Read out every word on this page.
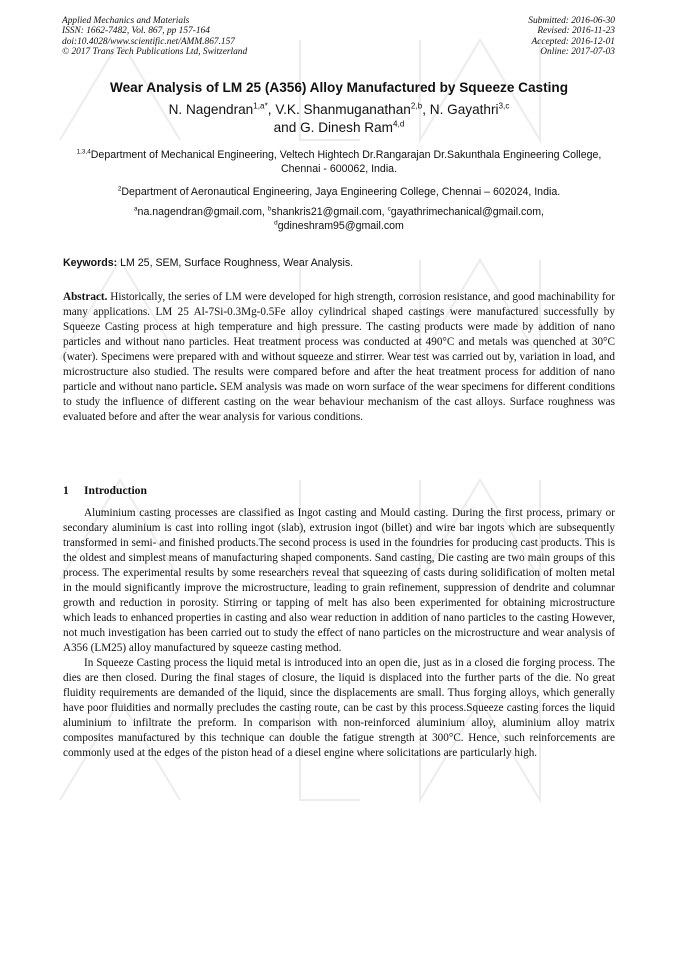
Applied Mechanics and Materials
ISSN: 1662-7482, Vol. 867, pp 157-164
doi:10.4028/www.scientific.net/AMM.867.157
© 2017 Trans Tech Publications Ltd, Switzerland
Submitted: 2016-06-30
Revised: 2016-11-23
Accepted: 2016-12-01
Online: 2017-07-03
Wear Analysis of LM 25 (A356) Alloy Manufactured by Squeeze Casting
N. Nagendran$^{1,a*}$, V.K. Shanmuganathan$^{2,b}$, N. Gayathri$^{3,c}$
and G. Dinesh Ram$^{4,d}$
$^{1,3,4}$Department of Mechanical Engineering, Veltech Hightech Dr.Rangarajan Dr.Sakunthala Engineering College, Chennai - 600062, India.
$^2$Department of Aeronautical Engineering, Jaya Engineering College, Chennai – 602024, India.
$^a$na.nagendran@gmail.com, $^b$shankris21@gmail.com, $^c$gayathrimechanical@gmail.com,
$^d$gdineshram95@gmail.com
Keywords: LM 25, SEM, Surface Roughness, Wear Analysis.
Abstract. Historically, the series of LM were developed for high strength, corrosion resistance, and good machinability for many applications. LM 25 Al-7Si-0.3Mg-0.5Fe alloy cylindrical shaped castings were manufactured successfully by Squeeze Casting process at high temperature and high pressure. The casting products were made by addition of nano particles and without nano particles. Heat treatment process was conducted at 490°C and metals was quenched at 30°C (water). Specimens were prepared with and without squeeze and stirrer. Wear test was carried out by, variation in load, and microstructure also studied. The results were compared before and after the heat treatment process for addition of nano particle and without nano particle. SEM analysis was made on worn surface of the wear specimens for different conditions to study the influence of different casting on the wear behaviour mechanism of the cast alloys. Surface roughness was evaluated before and after the wear analysis for various conditions.
1 Introduction

Aluminium casting processes are classified as Ingot casting and Mould casting. During the first process, primary or secondary aluminium is cast into rolling ingot (slab), extrusion ingot (billet) and wire bar ingots which are subsequently transformed in semi- and finished products.The second process is used in the foundries for producing cast products. This is the oldest and simplest means of manufacturing shaped components. Sand casting, Die casting are two main groups of this process. The experimental results by some researchers reveal that squeezing of casts during solidification of molten metal in the mould significantly improve the microstructure, leading to grain refinement, suppression of dendrite and columnar growth and reduction in porosity. Stirring or tapping of melt has also been experimented for obtaining microstructure which leads to enhanced properties in casting and also wear reduction in addition of nano particles to the casting However, not much investigation has been carried out to study the effect of nano particles on the microstructure and wear analysis of A356 (LM25) alloy manufactured by squeeze casting method.

In Squeeze Casting process the liquid metal is introduced into an open die, just as in a closed die forging process. The dies are then closed. During the final stages of closure, the liquid is displaced into the further parts of the die. No great fluidity requirements are demanded of the liquid, since the displacements are small. Thus forging alloys, which generally have poor fluidities and normally precludes the casting route, can be cast by this process.Squeeze casting forces the liquid aluminium to infiltrate the preform. In comparison with non-reinforced aluminium alloy, aluminium alloy matrix composites manufactured by this technique can double the fatigue strength at 300°C. Hence, such reinforcements are commonly used at the edges of the piston head of a diesel engine where solicitations are particularly high.
